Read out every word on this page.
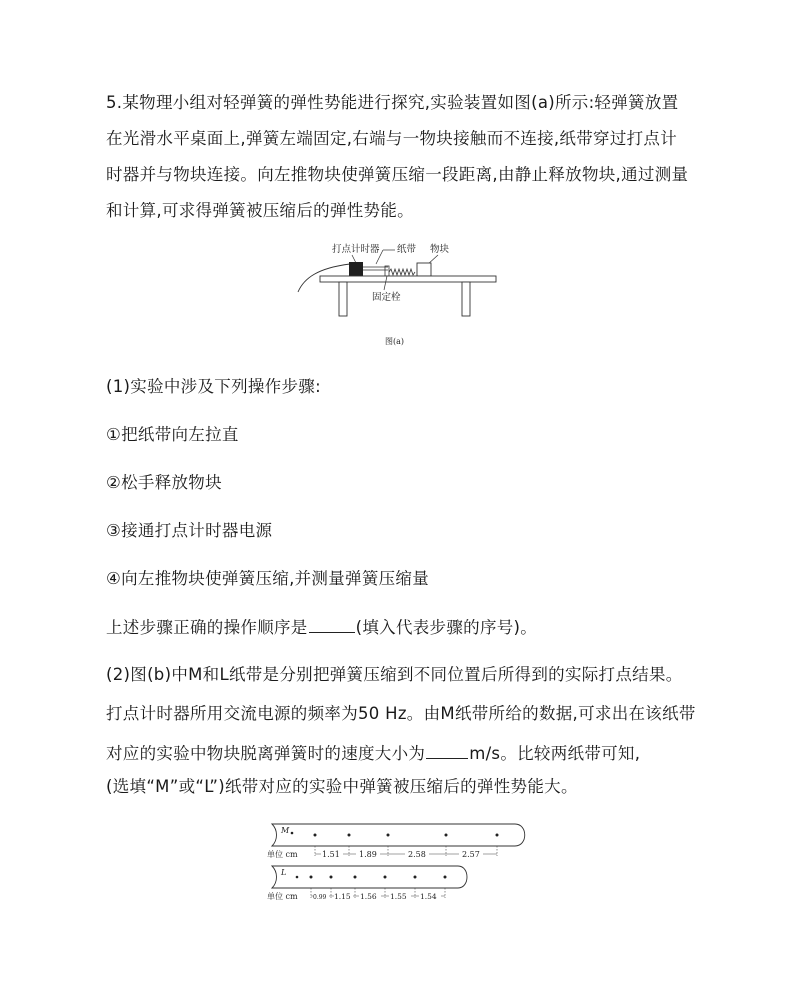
5.某物理小组对轻弹簧的弹性势能进行探究,实验装置如图(a)所示:轻弹簧放置
在光滑水平桌面上,弹簧左端固定,右端与一物块接触而不连接,纸带穿过打点计
时器并与物块连接。向左推物块使弹簧压缩一段距离,由静止释放物块,通过测量
和计算,可求得弹簧被压缩后的弹性势能。
打点计时器 纸带 物块
固定栓
图(a)
(1)实验中涉及下列操作步骤:
①把纸带向左拉直
②松手释放物块
③接通打点计时器电源
④向左推物块使弹簧压缩,并测量弹簧压缩量
上述步骤正确的操作顺序是	(填入代表步骤的序号)。
(2)图(b)中M和L纸带是分别把弹簧压缩到不同位置后所得到的实际打点结果。
打点计时器所用交流电源的频率为50 Hz。由M纸带所给的数据,可求出在该纸带
对应的实验中物块脱离弹簧时的速度大小为	m/s。比较两纸带可知,
(选填“M”或“L”)纸带对应的实验中弹簧被压缩后的弹性势能大。
M
单位 cm	1.51 1.89	2.58	2.57
L
单位 cm	0.99 1.15 1.56 1.55 1.54
